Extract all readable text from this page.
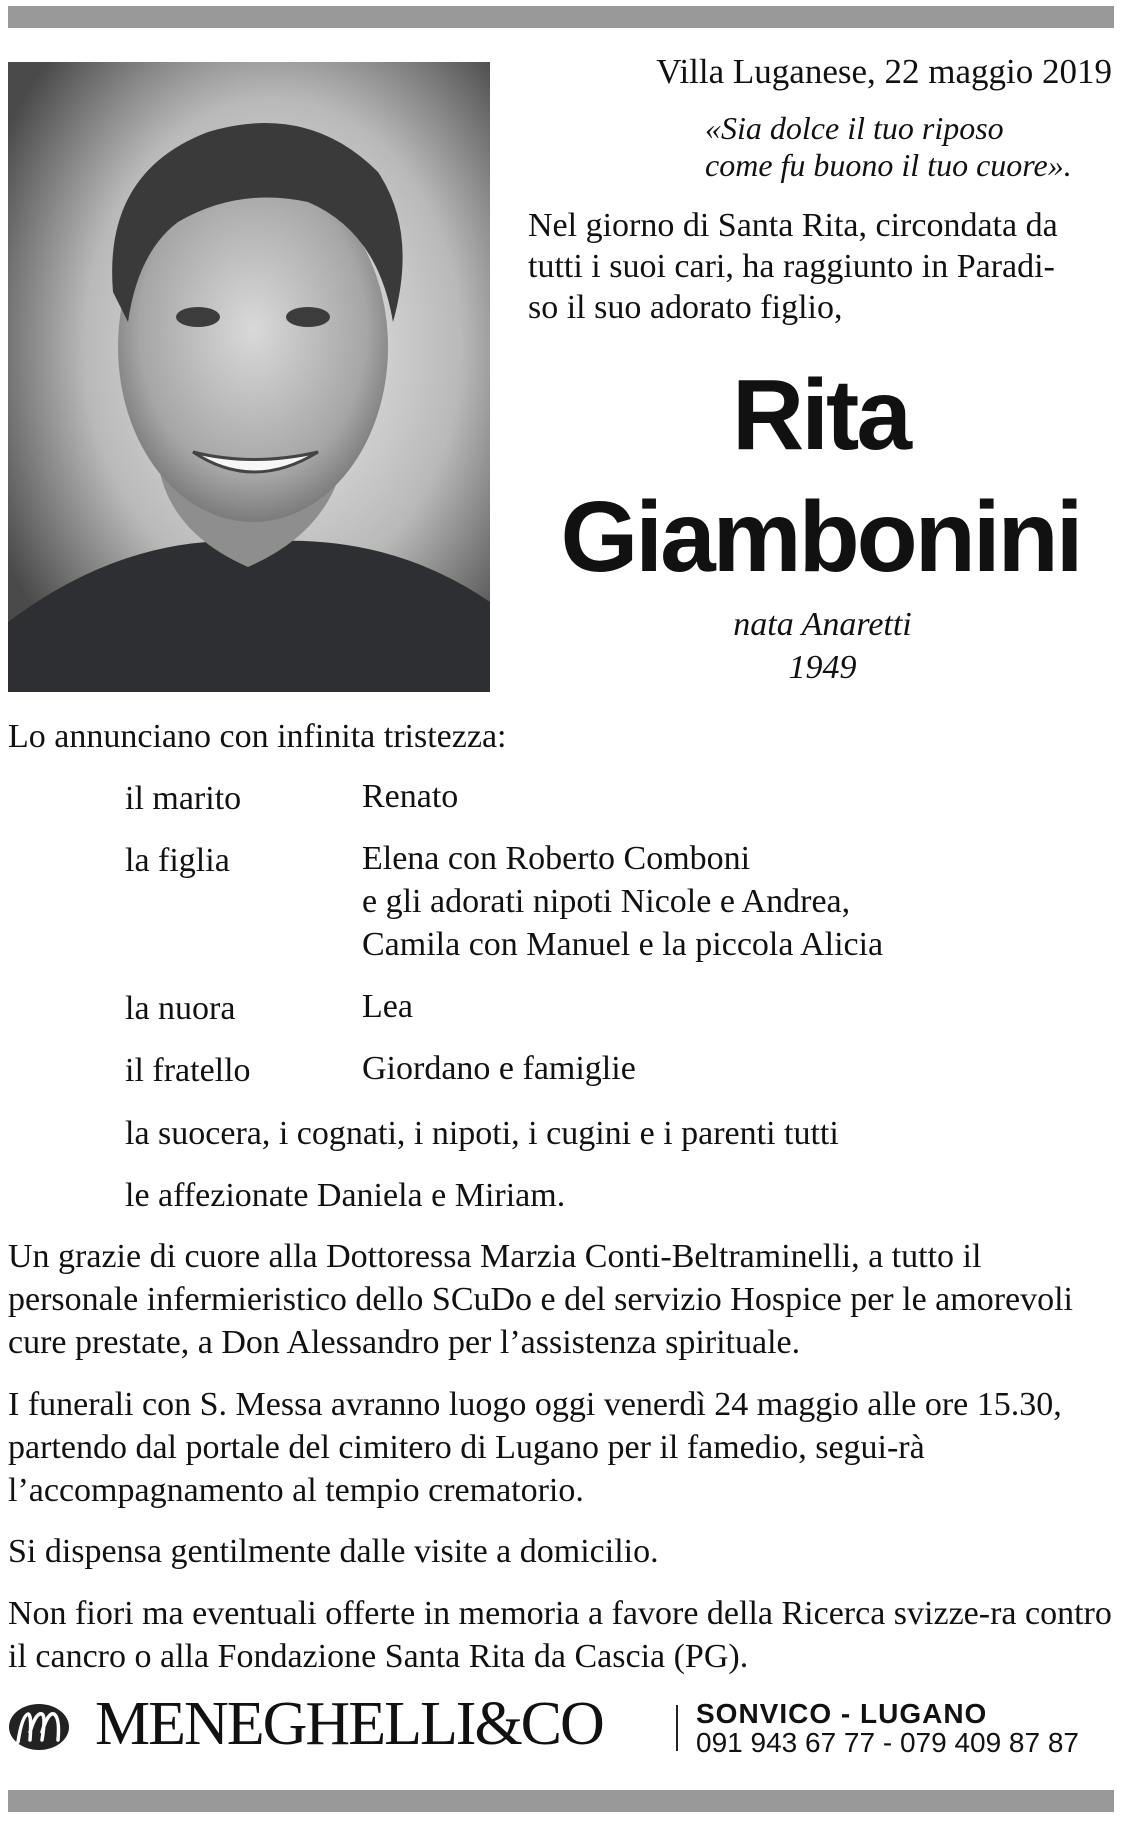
Villa Luganese, 22 maggio 2019
«Sia dolce il tuo riposo
come fu buono il tuo cuore».
Nel giorno di Santa Rita, circondata da
tutti i suoi cari, ha raggiunto in Paradi-
so il suo adorato figlio,
Rita
Giambonini
nata Anaretti
1949
Lo annunciano con infinita tristezza:
il marito	Renato
la figlia	Elena con Roberto Comboni
e gli adorati nipoti Nicole e Andrea,
Camila con Manuel e la piccola Alicia
la nuora	Lea
il fratello	Giordano e famiglie
la suocera, i cognati, i nipoti, i cugini e i parenti tutti
le affezionate Daniela e Miriam.
Un grazie di cuore alla Dottoressa Marzia Conti-Beltraminelli, a tutto il personale infermieristico dello SCuDo e del servizio Hospice per le amorevoli cure prestate, a Don Alessandro per l’assistenza spirituale.
I funerali con S. Messa avranno luogo oggi venerdì 24 maggio alle ore 15.30, partendo dal portale del cimitero di Lugano per il famedio, segui-rà l’accompagnamento al tempio crematorio.
Si dispensa gentilmente dalle visite a domicilio.
Non fiori ma eventuali offerte in memoria a favore della Ricerca svizze-ra contro il cancro o alla Fondazione Santa Rita da Cascia (PG).
MENEGHELLI&CO	SONVICO - LUGANO
091 943 67 77 - 079 409 87 87
